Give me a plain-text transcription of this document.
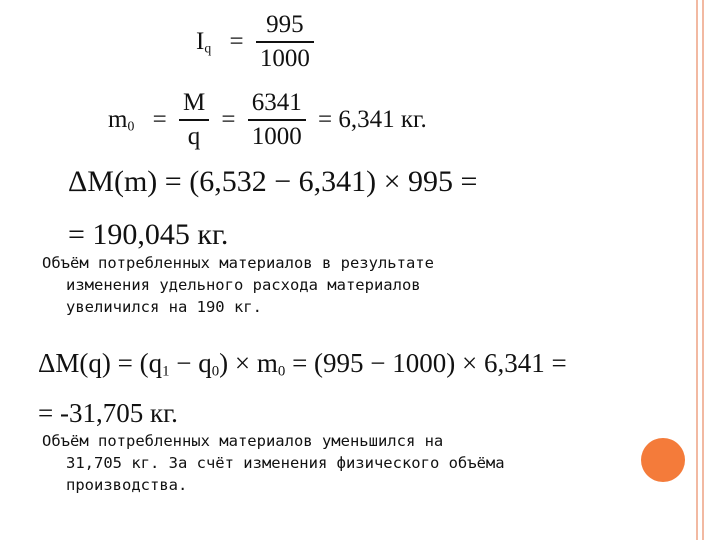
$I_q = \frac{995}{1000}$
$m_0 = \frac{M}{q} = \frac{6341}{1000} = 6,341$ кг.
ΔM(m) = (6,532 − 6,341) × 995 =
= 190,045 кг.
Объём потребленных материалов в результате
изменения удельного расхода материалов
увеличился на 190 кг.
$\Delta M(q) = (q_1 - q_0) \times m_0 = (995 - 1000) \times 6,341$ =
= -31,705 кг.
Объём потребленных материалов уменьшился на
31,705 кг. За счёт изменения физического объёма
производства.
